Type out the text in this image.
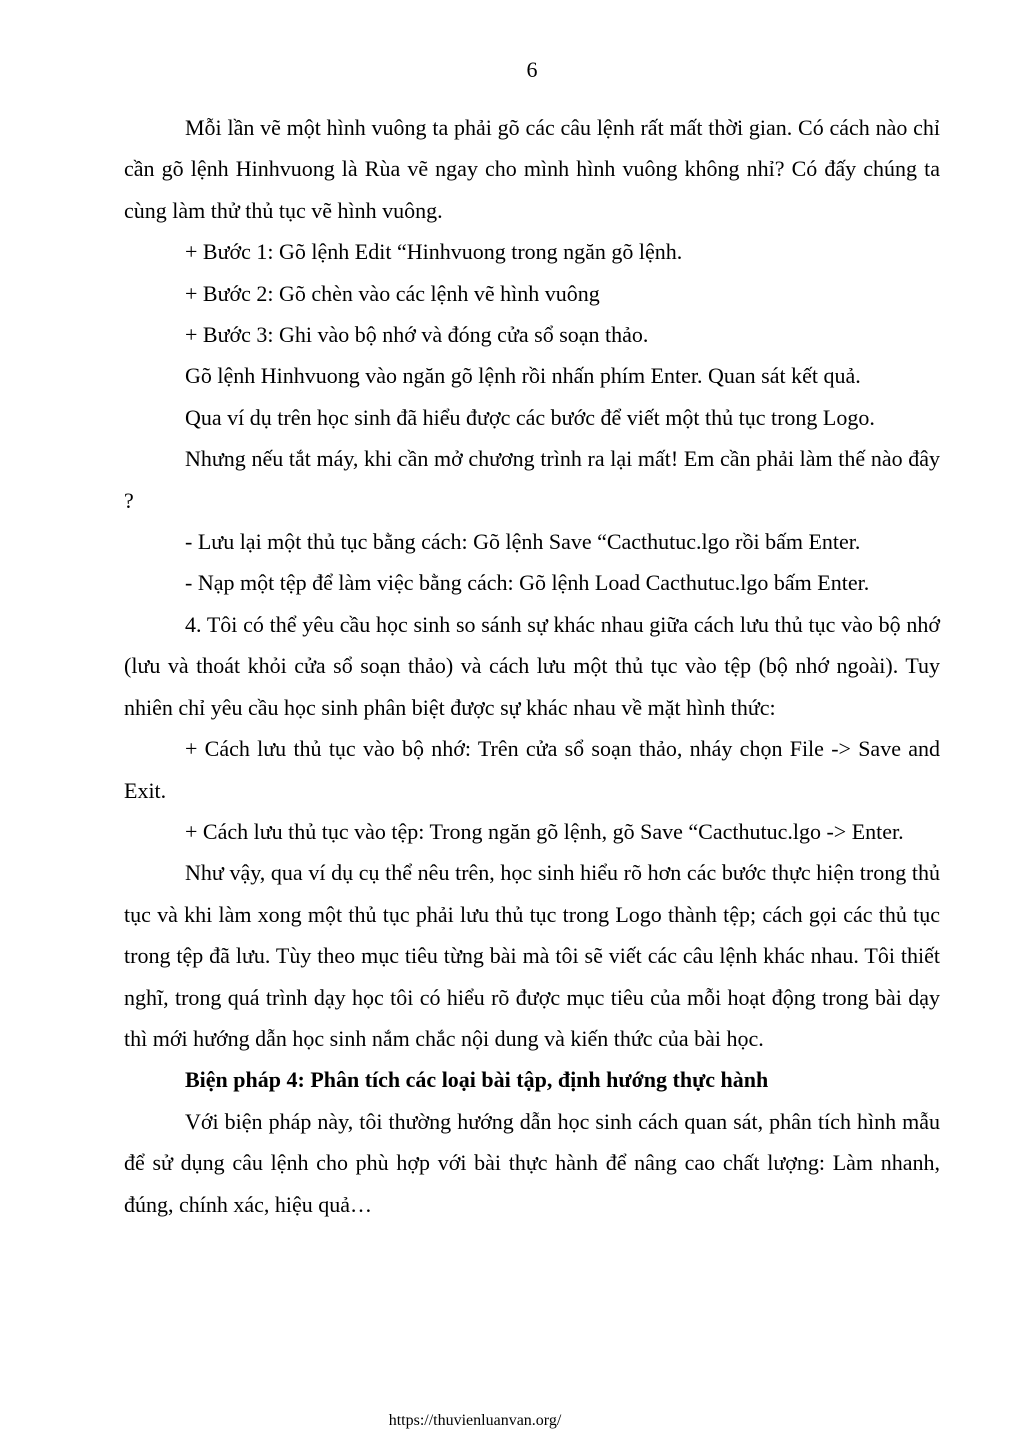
6

Mỗi lần vẽ một hình vuông ta phải gõ các câu lệnh rất mất thời gian. Có cách nào chỉ cần gõ lệnh Hinhvuong là Rùa vẽ ngay cho mình hình vuông không nhỉ? Có đấy chúng ta cùng làm thử thủ tục vẽ hình vuông.

+ Bước 1: Gõ lệnh Edit “Hinhvuong trong ngăn gõ lệnh.

+ Bước 2: Gõ chèn vào các lệnh vẽ hình vuông

+ Bước 3: Ghi vào bộ nhớ và đóng cửa sổ soạn thảo.

Gõ lệnh Hinhvuong vào ngăn gõ lệnh rồi nhấn phím Enter. Quan sát kết quả.

Qua ví dụ trên học sinh đã hiểu được các bước để viết một thủ tục trong Logo.

Nhưng nếu tắt máy, khi cần mở chương trình ra lại mất! Em cần phải làm thế nào đây ?

- Lưu lại một thủ tục bằng cách: Gõ lệnh Save “Cacthutuc.lgo rồi bấm Enter.

- Nạp một tệp để làm việc bằng cách: Gõ lệnh Load Cacthutuc.lgo bấm Enter.

4. Tôi có thể yêu cầu học sinh so sánh sự khác nhau giữa cách lưu thủ tục vào bộ nhớ (lưu và thoát khỏi cửa sổ soạn thảo) và cách lưu một thủ tục vào tệp (bộ nhớ ngoài). Tuy nhiên chỉ yêu cầu học sinh phân biệt được sự khác nhau về mặt hình thức:

+ Cách lưu thủ tục vào bộ nhớ: Trên cửa sổ soạn thảo, nháy chọn File -> Save and Exit.

+ Cách lưu thủ tục vào tệp: Trong ngăn gõ lệnh, gõ Save “Cacthutuc.lgo -> Enter.

Như vậy, qua ví dụ cụ thể nêu trên, học sinh hiểu rõ hơn các bước thực hiện trong thủ tục và khi làm xong một thủ tục phải lưu thủ tục trong Logo thành tệp; cách gọi các thủ tục trong tệp đã lưu. Tùy theo mục tiêu từng bài mà tôi sẽ viết các câu lệnh khác nhau. Tôi thiết nghĩ, trong quá trình dạy học tôi có hiểu rõ được mục tiêu của mỗi hoạt động trong bài dạy thì mới hướng dẫn học sinh nắm chắc nội dung và kiến thức của bài học.

Biện pháp 4: Phân tích các loại bài tập, định hướng thực hành

Với biện pháp này, tôi thường hướng dẫn học sinh cách quan sát, phân tích hình mẫu để sử dụng câu lệnh cho phù hợp với bài thực hành để nâng cao chất lượng: Làm nhanh, đúng, chính xác, hiệu quả…

https://thuvienluanvan.org/
